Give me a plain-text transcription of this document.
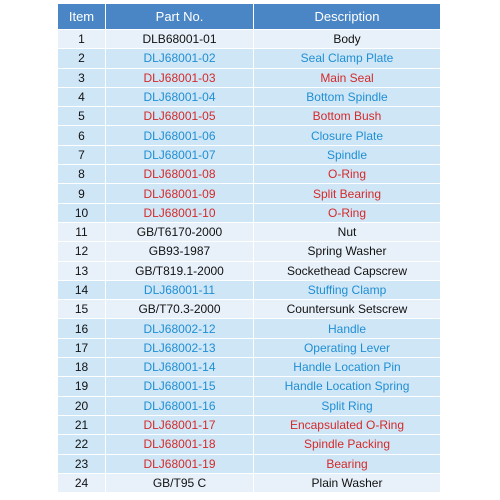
Item	Part No.	Description
1	DLB68001-01	Body
2	DLJ68001-02	Seal Clamp Plate
3	DLJ68001-03	Main Seal
4	DLJ68001-04	Bottom Spindle
5	DLJ68001-05	Bottom Bush
6	DLJ68001-06	Closure Plate
7	DLJ68001-07	Spindle
8	DLJ68001-08	O-Ring
9	DLJ68001-09	Split Bearing
10	DLJ68001-10	O-Ring
11	GB/T6170-2000	Nut
12	GB93-1987	Spring Washer
13	GB/T819.1-2000	Sockethead Capscrew
14	DLJ68001-11	Stuffing Clamp
15	GB/T70.3-2000	Countersunk Setscrew
16	DLJ68002-12	Handle
17	DLJ68002-13	Operating Lever
18	DLJ68001-14	Handle Location Pin
19	DLJ68001-15	Handle Location Spring
20	DLJ68001-16	Split Ring
21	DLJ68001-17	Encapsulated O-Ring
22	DLJ68001-18	Spindle Packing
23	DLJ68001-19	Bearing
24	GB/T95 C	Plain Washer
